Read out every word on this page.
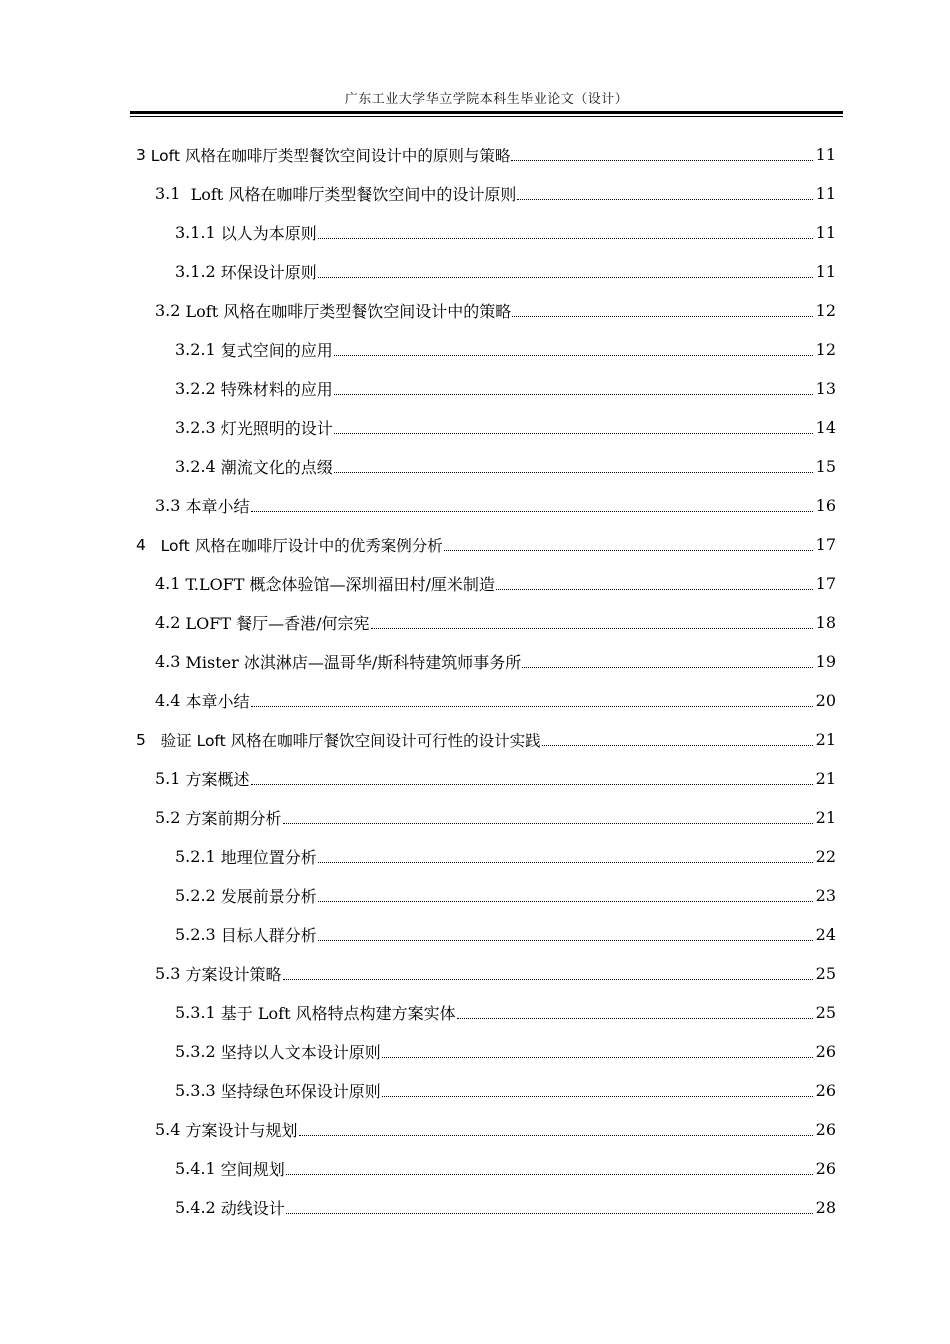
广东工业大学华立学院本科生毕业论文（设计）
3 Loft 风格在咖啡厅类型餐饮空间设计中的原则与策略	11
3.1 Loft 风格在咖啡厅类型餐饮空间中的设计原则	11
3.1.1 以人为本原则	11
3.1.2 环保设计原则	11
3.2 Loft 风格在咖啡厅类型餐饮空间设计中的策略	12
3.2.1 复式空间的应用	12
3.2.2 特殊材料的应用	13
3.2.3 灯光照明的设计	14
3.2.4 潮流文化的点缀	15
3.3 本章小结	16
4 Loft 风格在咖啡厅设计中的优秀案例分析	17
4.1 T.LOFT 概念体验馆—深圳福田村/厘米制造	17
4.2 LOFT 餐厅—香港/何宗宪	18
4.3 Mister 冰淇淋店—温哥华/斯科特建筑师事务所	19
4.4 本章小结	20
5 验证 Loft 风格在咖啡厅餐饮空间设计可行性的设计实践	21
5.1 方案概述	21
5.2 方案前期分析	21
5.2.1 地理位置分析	22
5.2.2 发展前景分析	23
5.2.3 目标人群分析	24
5.3 方案设计策略	25
5.3.1 基于 Loft 风格特点构建方案实体	25
5.3.2 坚持以人文本设计原则	26
5.3.3 坚持绿色环保设计原则	26
5.4 方案设计与规划	26
5.4.1 空间规划	26
5.4.2 动线设计	28
